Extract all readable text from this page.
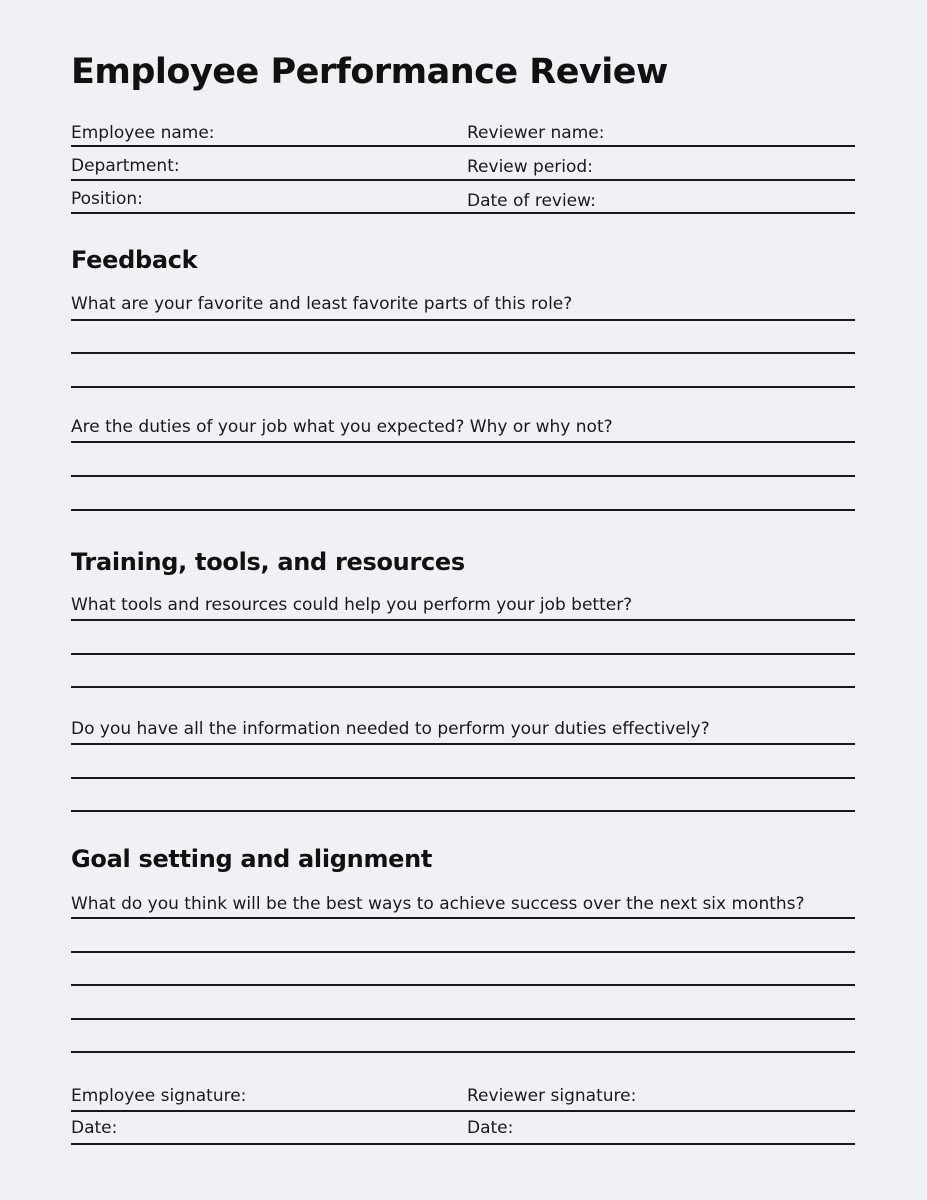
Employee Performance Review
Employee name:	Reviewer name:
Department:	Review period:
Position:	Date of review:
Feedback
What are your favorite and least favorite parts of this role?
Are the duties of your job what you expected? Why or why not?
Training, tools, and resources
What tools and resources could help you perform your job better?
Do you have all the information needed to perform your duties effectively?
Goal setting and alignment
What do you think will be the best ways to achieve success over the next six months?
Employee signature:	Reviewer signature:
Date:	Date:
